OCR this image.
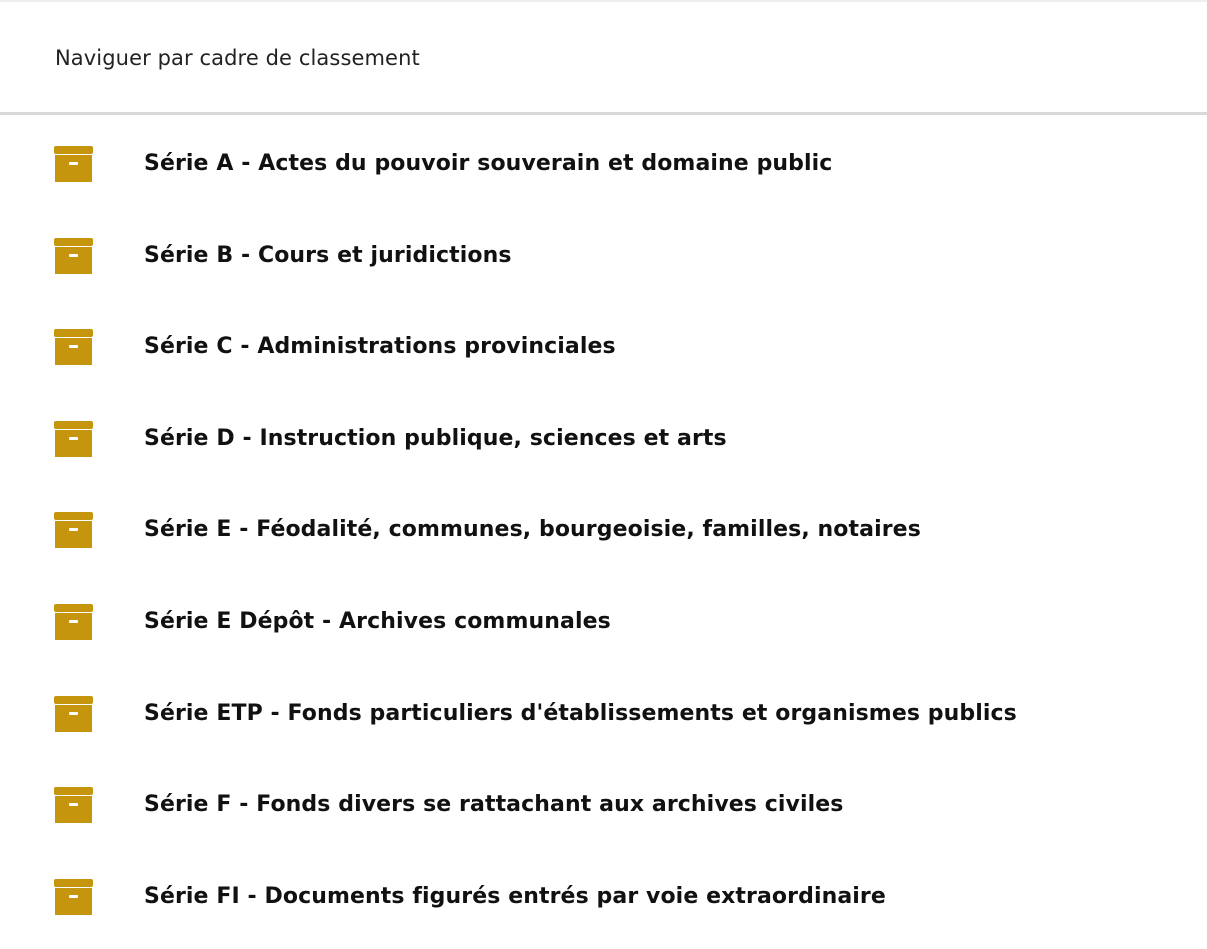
Naviguer par cadre de classement
Série A - Actes du pouvoir souverain et domaine public
Série B - Cours et juridictions
Série C - Administrations provinciales
Série D - Instruction publique, sciences et arts
Série E - Féodalité, communes, bourgeoisie, familles, notaires
Série E Dépôt - Archives communales
Série ETP - Fonds particuliers d'établissements et organismes publics
Série F - Fonds divers se rattachant aux archives civiles
Série FI - Documents figurés entrés par voie extraordinaire
